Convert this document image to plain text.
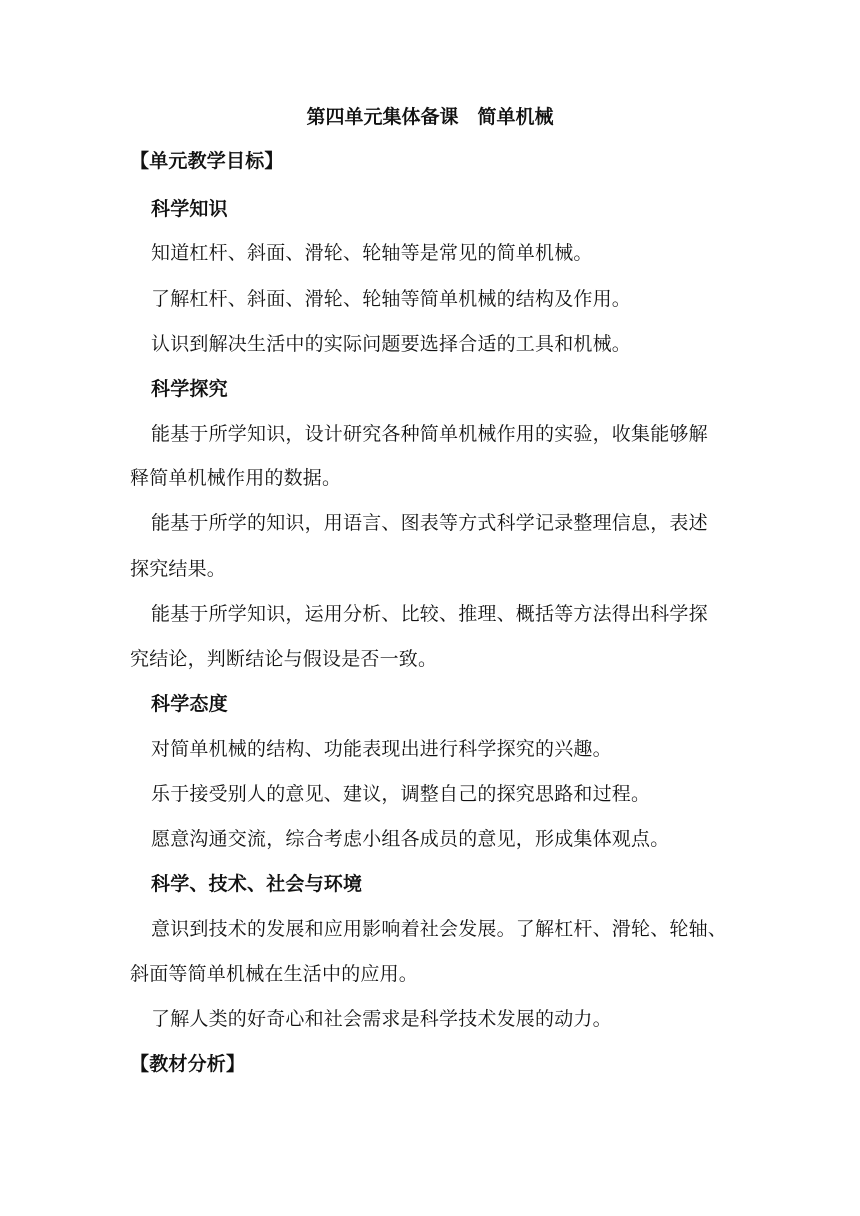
第四单元集体备课　简单机械
【单元教学目标】
科学知识
知道杠杆、斜面、滑轮、轮轴等是常见的简单机械。
了解杠杆、斜面、滑轮、轮轴等简单机械的结构及作用。
认识到解决生活中的实际问题要选择合适的工具和机械。
科学探究
能基于所学知识，设计研究各种简单机械作用的实验，收集能够解
释简单机械作用的数据。
能基于所学的知识，用语言、图表等方式科学记录整理信息，表述
探究结果。
能基于所学知识，运用分析、比较、推理、概括等方法得出科学探
究结论，判断结论与假设是否一致。
科学态度
对简单机械的结构、功能表现出进行科学探究的兴趣。
乐于接受别人的意见、建议，调整自己的探究思路和过程。
愿意沟通交流，综合考虑小组各成员的意见，形成集体观点。
科学、技术、社会与环境
意识到技术的发展和应用影响着社会发展。了解杠杆、滑轮、轮轴、
斜面等简单机械在生活中的应用。
了解人类的好奇心和社会需求是科学技术发展的动力。
【教材分析】
